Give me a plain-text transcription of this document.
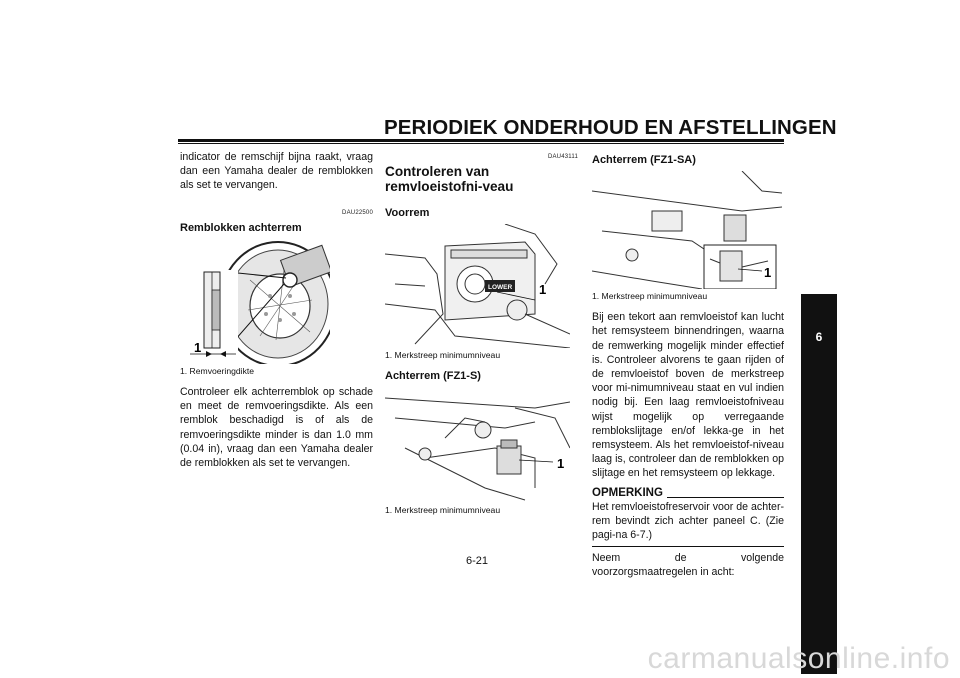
PERIODIEK ONDERHOUD EN AFSTELLINGEN

indicator de remschijf bijna raakt, vraag dan een Yamaha dealer de remblokken als set te vervangen.

DAU22500
Remblokken achterrem
1
1. Remvoeringdikte

Controleer elk achterremblok op schade en meet de remvoeringsdikte. Als een remblok beschadigd is of als de remvoeringsdikte minder is dan 1.0 mm (0.04 in), vraag dan een Yamaha dealer de remblokken als set te vervangen.

DAU43111
Controleren van remvloeistofni-veau
Voorrem
LOWER 1
1. Merkstreep minimumniveau
Achterrem (FZ1-S)
1
1. Merkstreep minimumniveau
Achterrem (FZ1-SA)
1
1. Merkstreep minimumniveau

Bij een tekort aan remvloeistof kan lucht het remsysteem binnendringen, waarna de remwerking mogelijk minder effectief is. Controleer alvorens te gaan rijden of de remvloeistof boven de merkstreep voor mi-nimumniveau staat en vul indien nodig bij. Een laag remvloeistofniveau wijst mogelijk op verregaande remblokslijtage en/of lekka-ge in het remsysteem. Als het remvloeistof-niveau laag is, controleer dan de remblokken op slijtage en het remsysteem op lekkage.

OPMERKING

Het remvloeistofreservoir voor de achter-rem bevindt zich achter paneel C. (Zie pagi-na 6-7.)

Neem de volgende voorzorgsmaatregelen in acht:

6
6-21
carmanualsonline.info
